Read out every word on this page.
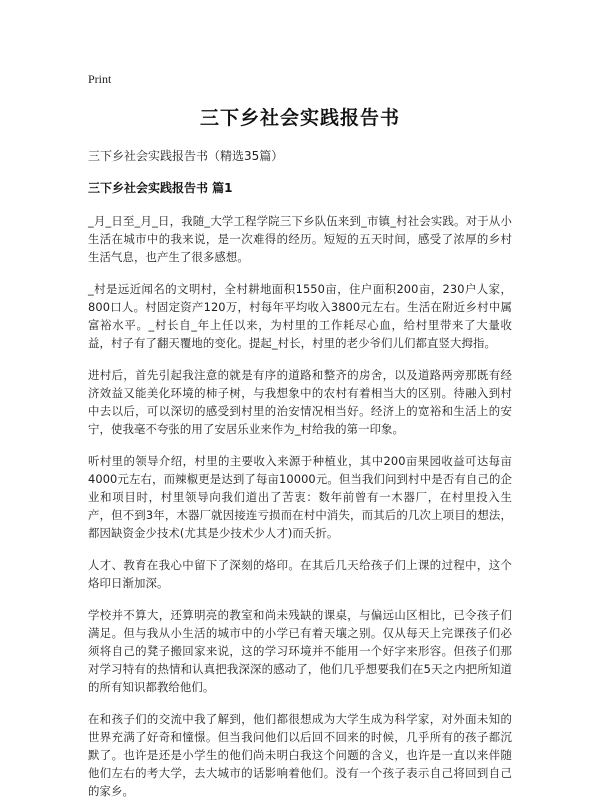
Print
三下乡社会实践报告书
三下乡社会实践报告书（精选35篇）
三下乡社会实践报告书 篇1

_月_日至_月_日，我随_大学工程学院三下乡队伍来到_市镇_村社会实践。对于从小生活在城市中的我来说，是一次难得的经历。短短的五天时间，感受了浓厚的乡村生活气息，也产生了很多感想。

_村是远近闻名的文明村，全村耕地面积1550亩，住户面积200亩，230户人家，800口人。村固定资产120万，村每年平均收入3800元左右。生活在附近乡村中属富裕水平。_村长自_年上任以来，为村里的工作耗尽心血，给村里带来了大量收益，村子有了翻天覆地的变化。提起_村长，村里的老少爷们儿们都直竖大拇指。

进村后，首先引起我注意的就是有序的道路和整齐的房舍，以及道路两旁那既有经济效益又能美化环境的柿子树，与我想象中的农村有着相当大的区别。待融入到村中去以后，可以深切的感受到村里的治安情况相当好。经济上的宽裕和生活上的安宁，使我毫不夸张的用了安居乐业来作为_村给我的第一印象。

听村里的领导介绍，村里的主要收入来源于种植业，其中200亩果园收益可达每亩4000元左右，而辣椒更是达到了每亩10000元。但当我们问到村中是否有自己的企业和项目时，村里领导向我们道出了苦衷：数年前曾有一木器厂，在村里投入生产，但不到3年，木器厂就因接连亏损而在村中消失，而其后的几次上项目的想法，都因缺资金少技术(尤其是少技术少人才)而夭折。

人才、教育在我心中留下了深刻的烙印。在其后几天给孩子们上课的过程中，这个烙印日渐加深。

学校并不算大，还算明亮的教室和尚未残缺的课桌，与偏远山区相比，已令孩子们满足。但与我从小生活的城市中的小学已有着天壤之别。仅从每天上完课孩子们必须将自己的凳子搬回家来说，这的学习环境并不能用一个好字来形容。但孩子们那对学习特有的热情和认真把我深深的感动了，他们几乎想要我们在5天之内把所知道的所有知识都教给他们。

在和孩子们的交流中我了解到，他们都很想成为大学生成为科学家，对外面未知的世界充满了好奇和憧憬。但当我问他们以后回不回来的时候，几乎所有的孩子都沉默了。也许是还是小学生的他们尚未明白我这个问题的含义，也许是一直以来伴随他们左右的考大学，去大城市的话影响着他们。没有一个孩子表示自己将回到自己的家乡。
